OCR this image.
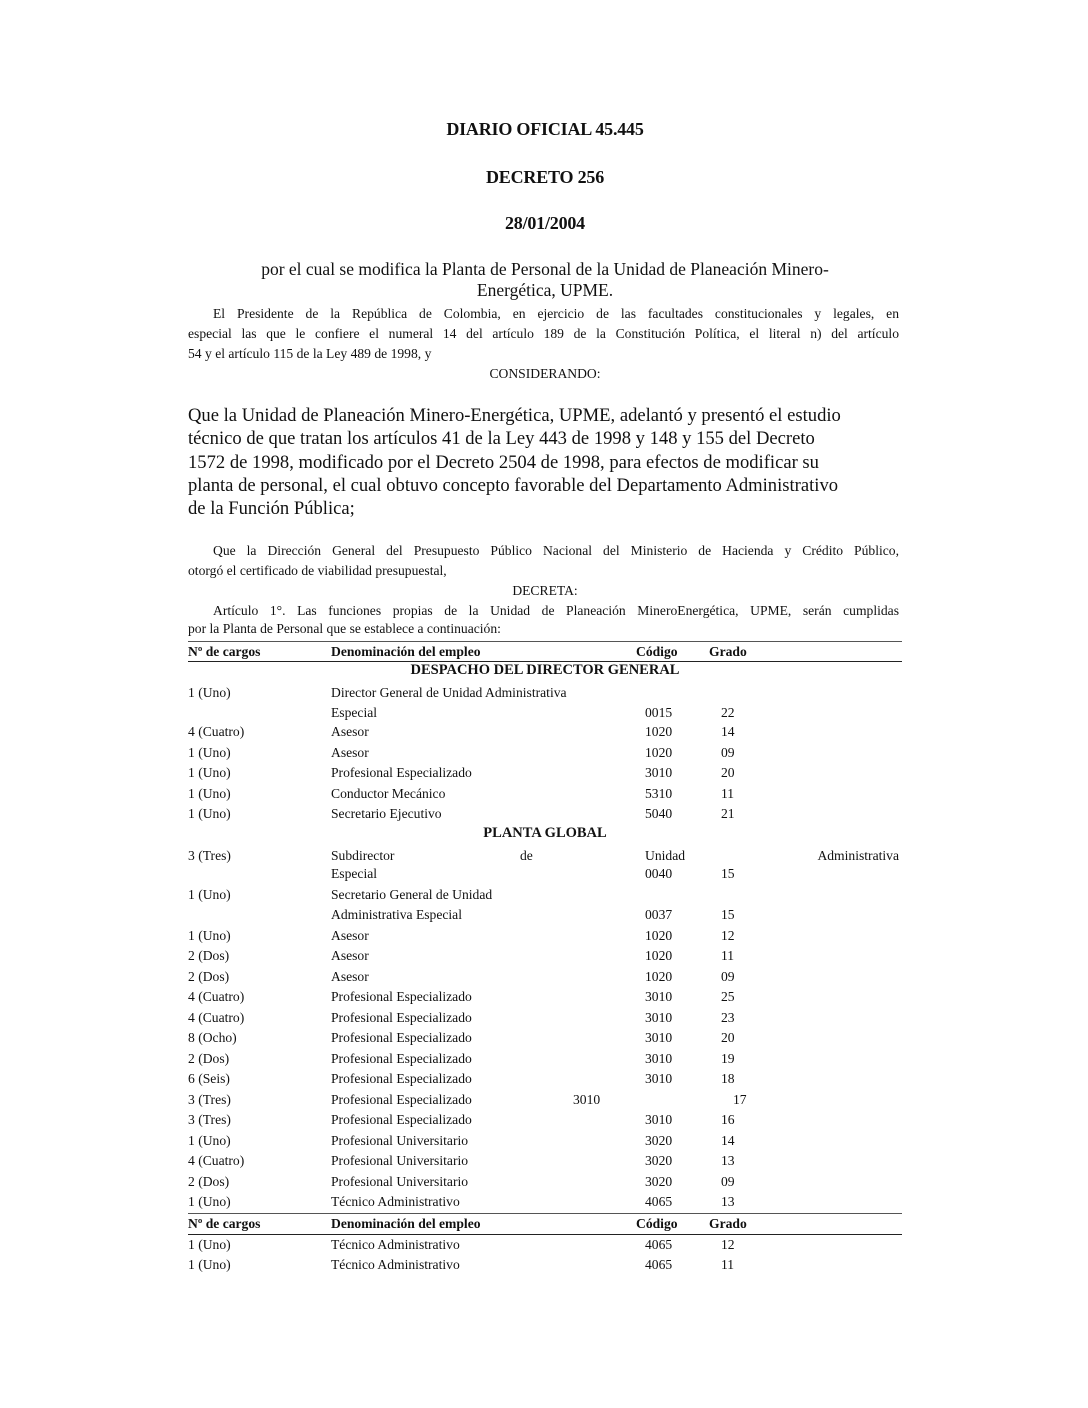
DIARIO OFICIAL 45.445
DECRETO 256
28/01/2004
por el cual se modifica la Planta de Personal de la Unidad de Planeación Minero-
Energética, UPME.
El Presidente de la República de Colombia, en ejercicio de las facultades constitucionales y legales, en
especial las que le confiere el numeral 14 del artículo 189 de la Constitución Política, el literal n) del artículo
54 y el artículo 115 de la Ley 489 de 1998, y
CONSIDERANDO:
Que la Unidad de Planeación Minero-Energética, UPME, adelantó y presentó el estudio
técnico de que tratan los artículos 41 de la Ley 443 de 1998 y 148 y 155 del Decreto
1572 de 1998, modificado por el Decreto 2504 de 1998, para efectos de modificar su
planta de personal, el cual obtuvo concepto favorable del Departamento Administrativo
de la Función Pública;
Que la Dirección General del Presupuesto Público Nacional del Ministerio de Hacienda y Crédito Público,
otorgó el certificado de viabilidad presupuestal,
DECRETA:
Artículo 1°. Las funciones propias de la Unidad de Planeación MineroEnergética, UPME, serán cumplidas
por la Planta de Personal que se establece a continuación:
Nº de cargos	Denominación del empleo	Código Grado
DESPACHO DEL DIRECTOR GENERAL
1 (Uno)	Director General de Unidad Administrativa
Especial	0015	22
4 (Cuatro)	Asesor	1020	14
1 (Uno)	Asesor	1020	09
1 (Uno)	Profesional Especializado	3010	20
1 (Uno)	Conductor Mecánico	5310	11
1 (Uno)	Secretario Ejecutivo	5040	21
PLANTA GLOBAL
3 (Tres)	Subdirector	de	Unidad	Administrativa
Especial	0040	15
1 (Uno)	Secretario General de Unidad
Administrativa Especial	0037	15
1 (Uno)	Asesor	1020	12
2 (Dos)	Asesor	1020	11
2 (Dos)	Asesor	1020	09
4 (Cuatro)	Profesional Especializado	3010	25
4 (Cuatro)	Profesional Especializado	3010	23
8 (Ocho)	Profesional Especializado	3010	20
2 (Dos)	Profesional Especializado	3010	19
6 (Seis)	Profesional Especializado	3010	18
3 (Tres)	Profesional Especializado	3010	17
3 (Tres)	Profesional Especializado	3010	16
1 (Uno)	Profesional Universitario	3020	14
4 (Cuatro)	Profesional Universitario	3020	13
2 (Dos)	Profesional Universitario	3020	09
1 (Uno)	Técnico Administrativo	4065	13
Nº de cargos	Denominación del empleo	Código Grado
1 (Uno)	Técnico Administrativo	4065	12
1 (Uno)	Técnico Administrativo	4065	11
